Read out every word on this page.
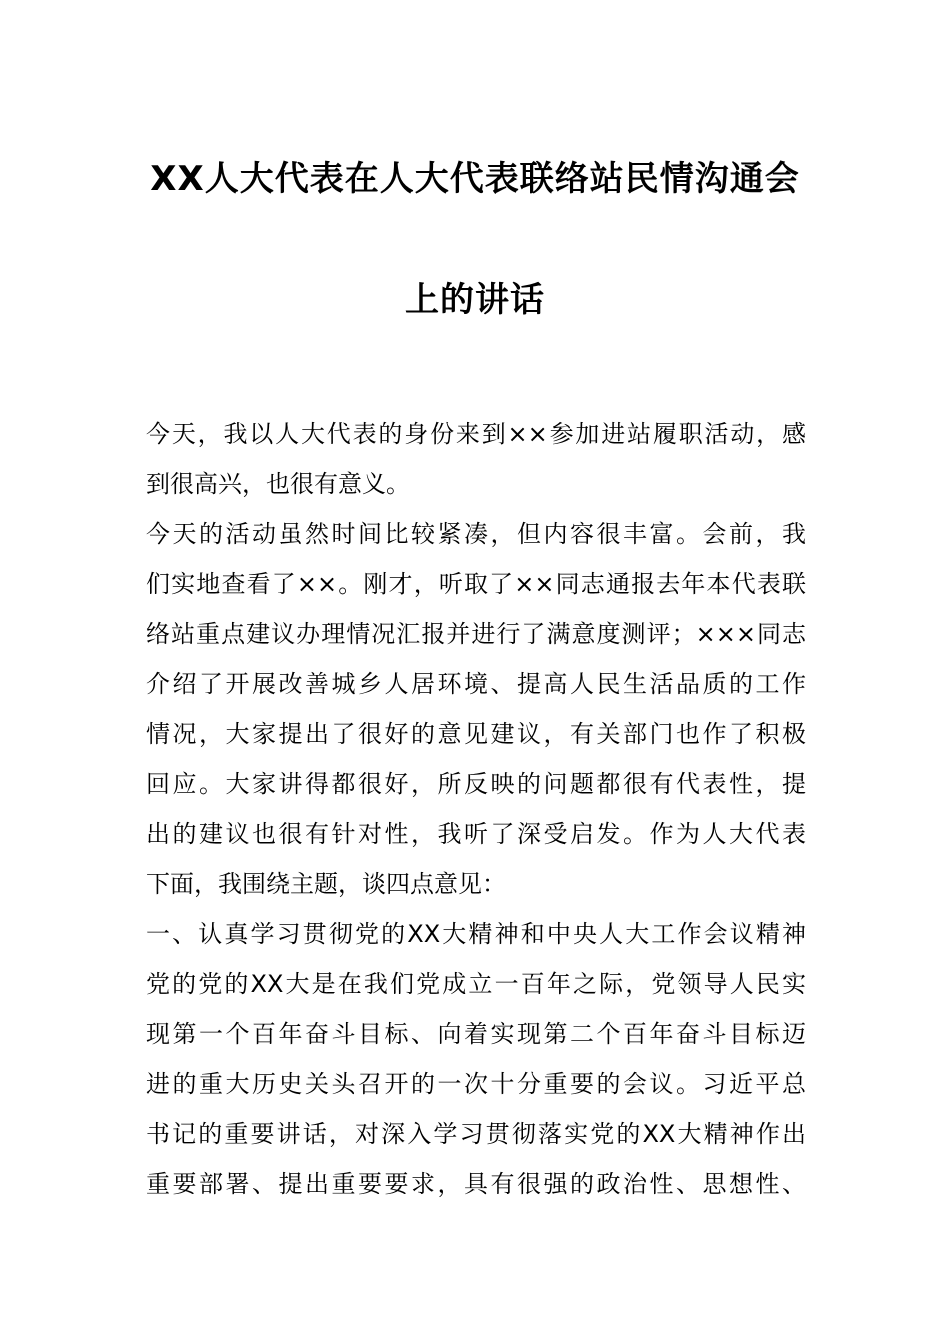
XX人大代表在人大代表联络站民情沟通会
上的讲话
今天，我以人大代表的身份来到××参加进站履职活动，感
到很高兴，也很有意义。
今天的活动虽然时间比较紧凑，但内容很丰富。会前，我
们实地查看了××。刚才，听取了××同志通报去年本代表联
络站重点建议办理情况汇报并进行了满意度测评；×××同志
介绍了开展改善城乡人居环境、提高人民生活品质的工作
情况，大家提出了很好的意见建议，有关部门也作了积极
回应。大家讲得都很好，所反映的问题都很有代表性，提
出的建议也很有针对性，我听了深受启发。作为人大代表
下面，我围绕主题，谈四点意见：
一、认真学习贯彻党的XX大精神和中央人大工作会议精神
党的党的XX大是在我们党成立一百年之际，党领导人民实
现第一个百年奋斗目标、向着实现第二个百年奋斗目标迈
进的重大历史关头召开的一次十分重要的会议。习近平总
书记的重要讲话，对深入学习贯彻落实党的XX大精神作出
重要部署、提出重要要求，具有很强的政治性、思想性、
